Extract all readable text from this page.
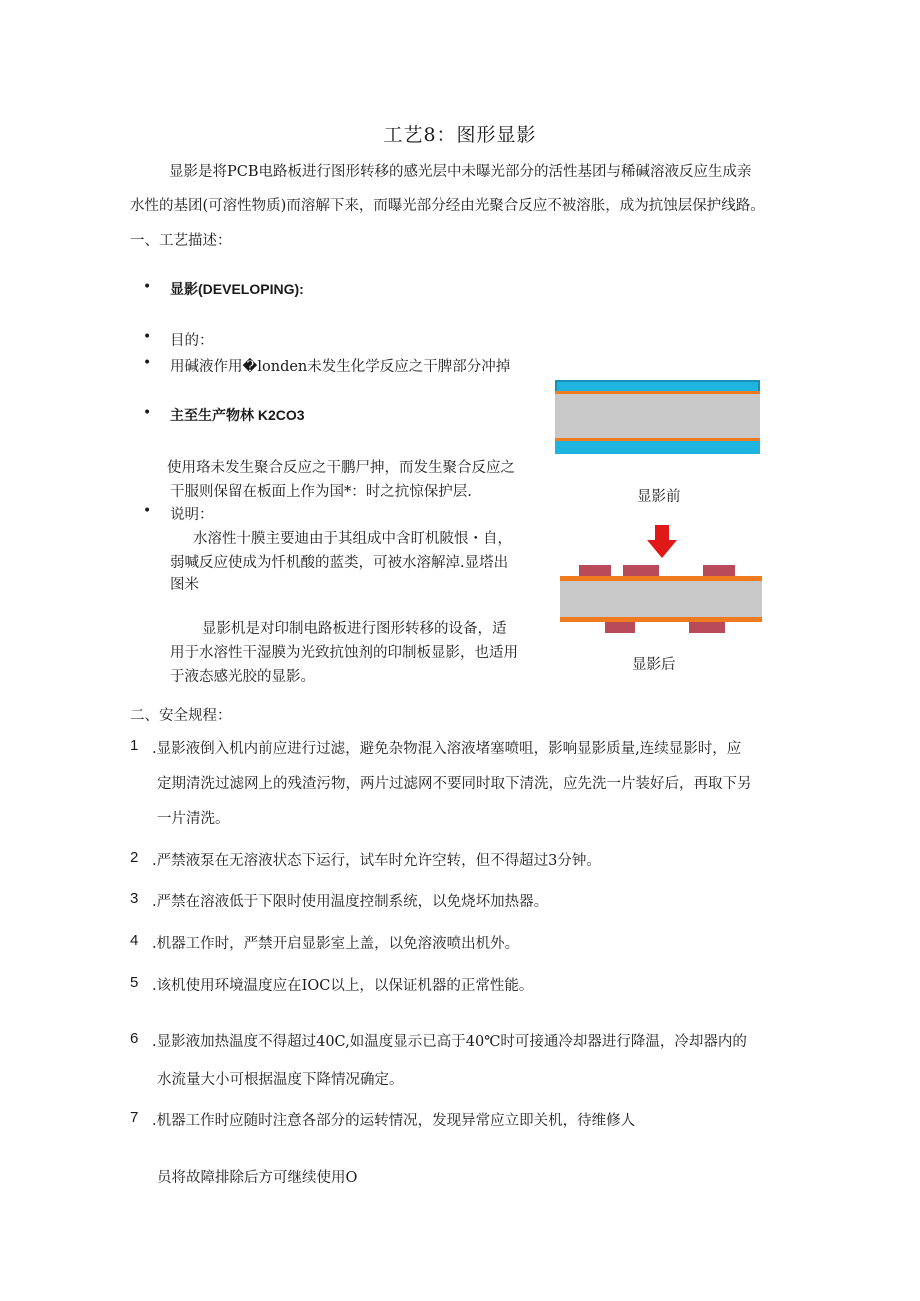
工艺8：图形显影
显影是将PCB电路板进行图形转移的感光层中未曝光部分的活性基团与稀碱溶液反应生成亲
水性的基团(可溶性物质)而溶解下来，而曝光部分经由光聚合反应不被溶胀，成为抗蚀层保护线路。
一、工艺描述：
• 显影(DEVELOPING):
• 目的：
• 用碱液作用�londen未发生化学反应之干脾部分冲掉
• 主至生产物林 K2CO3
使用珞未发生聚合反应之干鹏尸抻，而发生聚合反应之
干服则保留在板面上作为国*：时之抗惊保护层.
• 说明：
水溶性十膜主要迪由于其组成中含盯机陂恨・自，
弱喊反应使成为忏机酸的蓝类，可被水溶解淖.显塔出
图米
显影机是对印制电路板进行图形转移的设备，适
用于水溶性干湿膜为光致抗蚀剂的印制板显影，也适用
于液态感光胶的显影。
显影前
显影后
二、安全规程：
1 .显影液倒入机内前应进行过滤，避免杂物混入溶液堵塞喷咀，影响显影质量,连续显影时，应
定期清洗过滤网上的残渣污物，两片过滤网不要同时取下清洗，应先洗一片装好后，再取下另
一片清洗。
2 .严禁液泵在无溶液状态下运行，试车时允许空转，但不得超过3分钟。
3 .严禁在溶液低于下限时使用温度控制系统，以免烧坏加热器。
4 .机器工作时，严禁开启显影室上盖，以免溶液喷出机外。
5 .该机使用环境温度应在IOC以上，以保证机器的正常性能。
6 .显影液加热温度不得超过40C,如温度显示已高于40℃时可接通冷却器进行降温，冷却器内的
水流量大小可根据温度下降情况确定。
7 .机器工作时应随时注意各部分的运转情况，发现异常应立即关机，待维修人
员将故障排除后方可继续使用O
